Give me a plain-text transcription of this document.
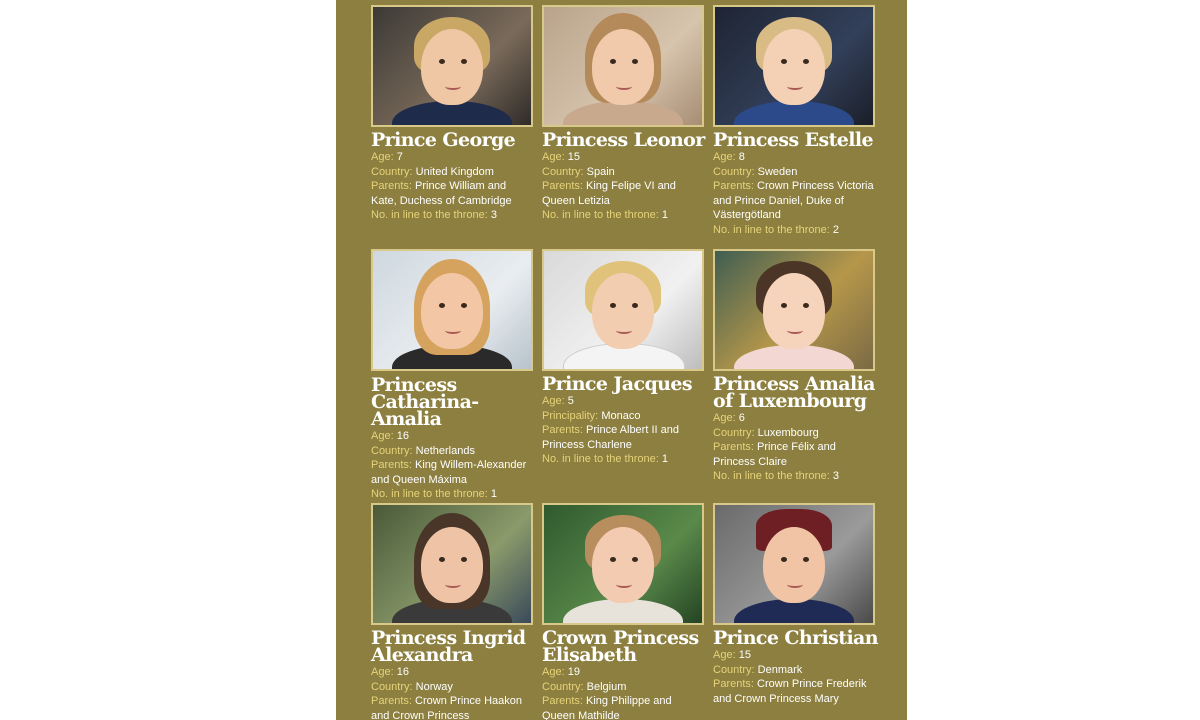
Prince George
Age: 7
Country: United Kingdom
Parents: Prince William and Kate, Duchess of Cambridge
No. in line to the throne: 3
Princess Leonor
Age: 15
Country: Spain
Parents: King Felipe VI and Queen Letizia
No. in line to the throne: 1
Princess Estelle
Age: 8
Country: Sweden
Parents: Crown Princess Victoria and Prince Daniel, Duke of Västergötland
No. in line to the throne: 2
Princess Catharina-Amalia
Age: 16
Country: Netherlands
Parents: King Willem-Alexander and Queen Máxima
No. in line to the throne: 1
Prince Jacques
Age: 5
Principality: Monaco
Parents: Prince Albert II and Princess Charlene
No. in line to the throne: 1
Princess Amalia of Luxembourg
Age: 6
Country: Luxembourg
Parents: Prince Félix and Princess Claire
No. in line to the throne: 3
Princess Ingrid Alexandra
Age: 16
Country: Norway
Parents: Crown Prince Haakon and Crown Princess
Crown Princess Elisabeth
Age: 19
Country: Belgium
Parents: King Philippe and Queen Mathilde
Prince Christian
Age: 15
Country: Denmark
Parents: Crown Prince Frederik and Crown Princess Mary
